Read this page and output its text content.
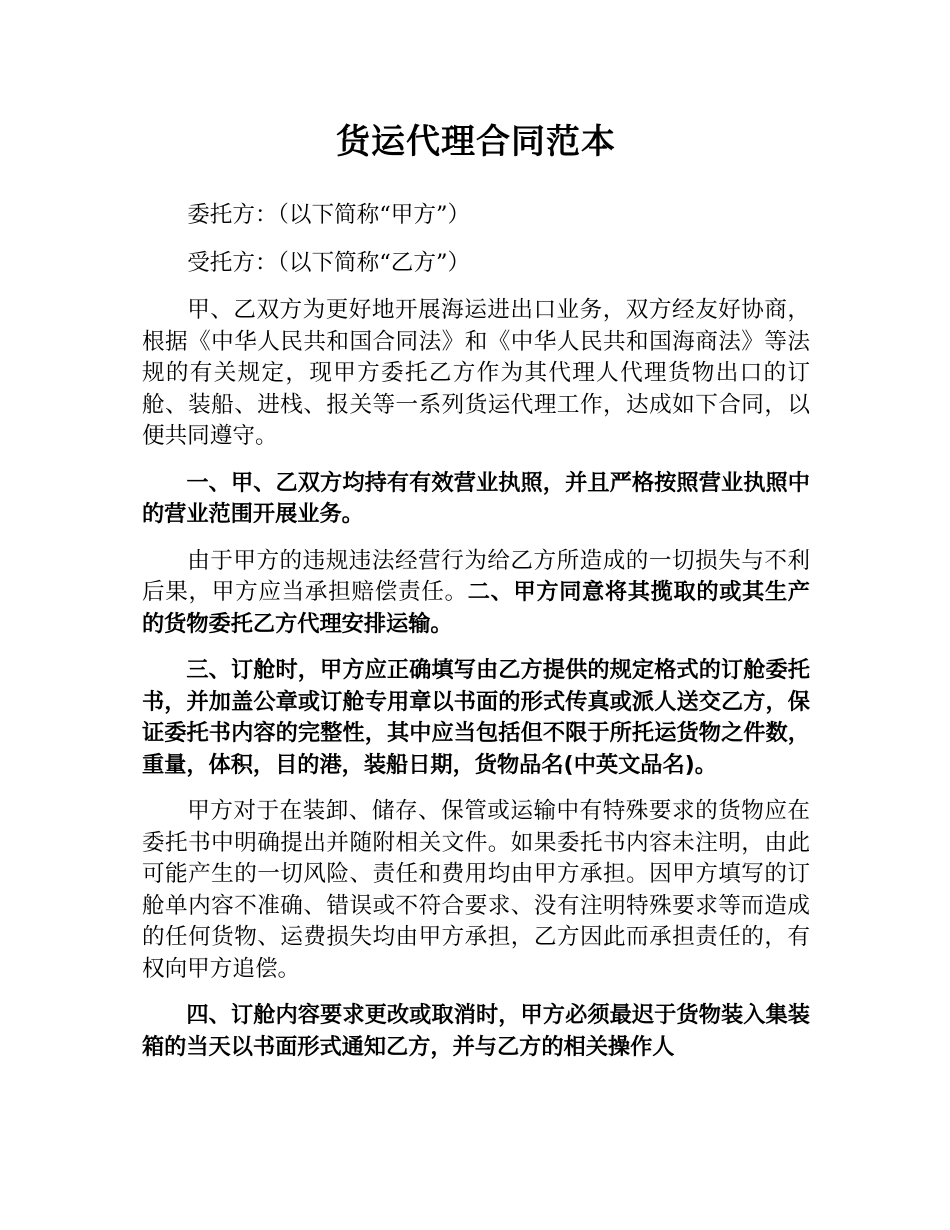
货运代理合同范本

委托方：（以下简称“甲方”）

受托方：（以下简称“乙方”）

甲、乙双方为更好地开展海运进出口业务，双方经友好协商，根据《中华人民共和国合同法》和《中华人民共和国海商法》等法规的有关规定，现甲方委托乙方作为其代理人代理货物出口的订舱、装船、进栈、报关等一系列货运代理工作，达成如下合同，以便共同遵守。

一、甲、乙双方均持有有效营业执照，并且严格按照营业执照中的营业范围开展业务。

由于甲方的违规违法经营行为给乙方所造成的一切损失与不利后果，甲方应当承担赔偿责任。二、甲方同意将其揽取的或其生产的货物委托乙方代理安排运输。

三、订舱时，甲方应正确填写由乙方提供的规定格式的订舱委托书，并加盖公章或订舱专用章以书面的形式传真或派人送交乙方，保证委托书内容的完整性，其中应当包括但不限于所托运货物之件数，重量，体积，目的港，装船日期，货物品名(中英文品名)。

甲方对于在装卸、储存、保管或运输中有特殊要求的货物应在委托书中明确提出并随附相关文件。如果委托书内容未注明，由此可能产生的一切风险、责任和费用均由甲方承担。因甲方填写的订舱单内容不准确、错误或不符合要求、没有注明特殊要求等而造成的任何货物、运费损失均由甲方承担，乙方因此而承担责任的，有权向甲方追偿。

四、订舱内容要求更改或取消时，甲方必须最迟于货物装入集装箱的当天以书面形式通知乙方，并与乙方的相关操作人
